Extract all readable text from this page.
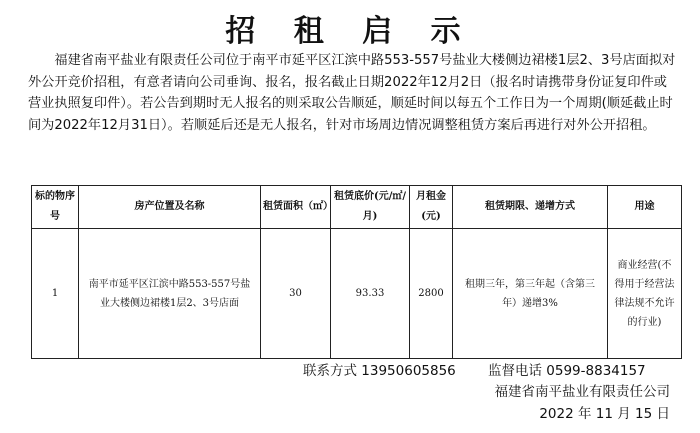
招 租 启 示

福建省南平盐业有限责任公司位于南平市延平区江滨中路553-557号盐业大楼侧边裙楼1层2、3号店面拟对外公开竞价招租，有意者请向公司垂询、报名，报名截止日期2022年12月2日（报名时请携带身份证复印件或营业执照复印件）。若公告到期时无人报名的则采取公告顺延，顺延时间以每五个工作日为一个周期(顺延截止时间为2022年12月31日）。若顺延后还是无人报名，针对市场周边情况调整租赁方案后再进行对外公开招租。

标的物序号	房产位置及名称	租赁面积（㎡）	租赁底价(元/㎡/月)	月租金(元)	租赁期限、递增方式	用途
1	南平市延平区江滨中路553-557号盐业大楼侧边裙楼1层2、3号店面	30	93.33	2800	租期三年，第三年起（含第三年）递增3%	商业经营(不得用于经营法律法规不允许的行业)
联系方式 13950605856 监督电话 0599-8834157
福建省南平盐业有限责任公司
2022 年 11 月 15 日
